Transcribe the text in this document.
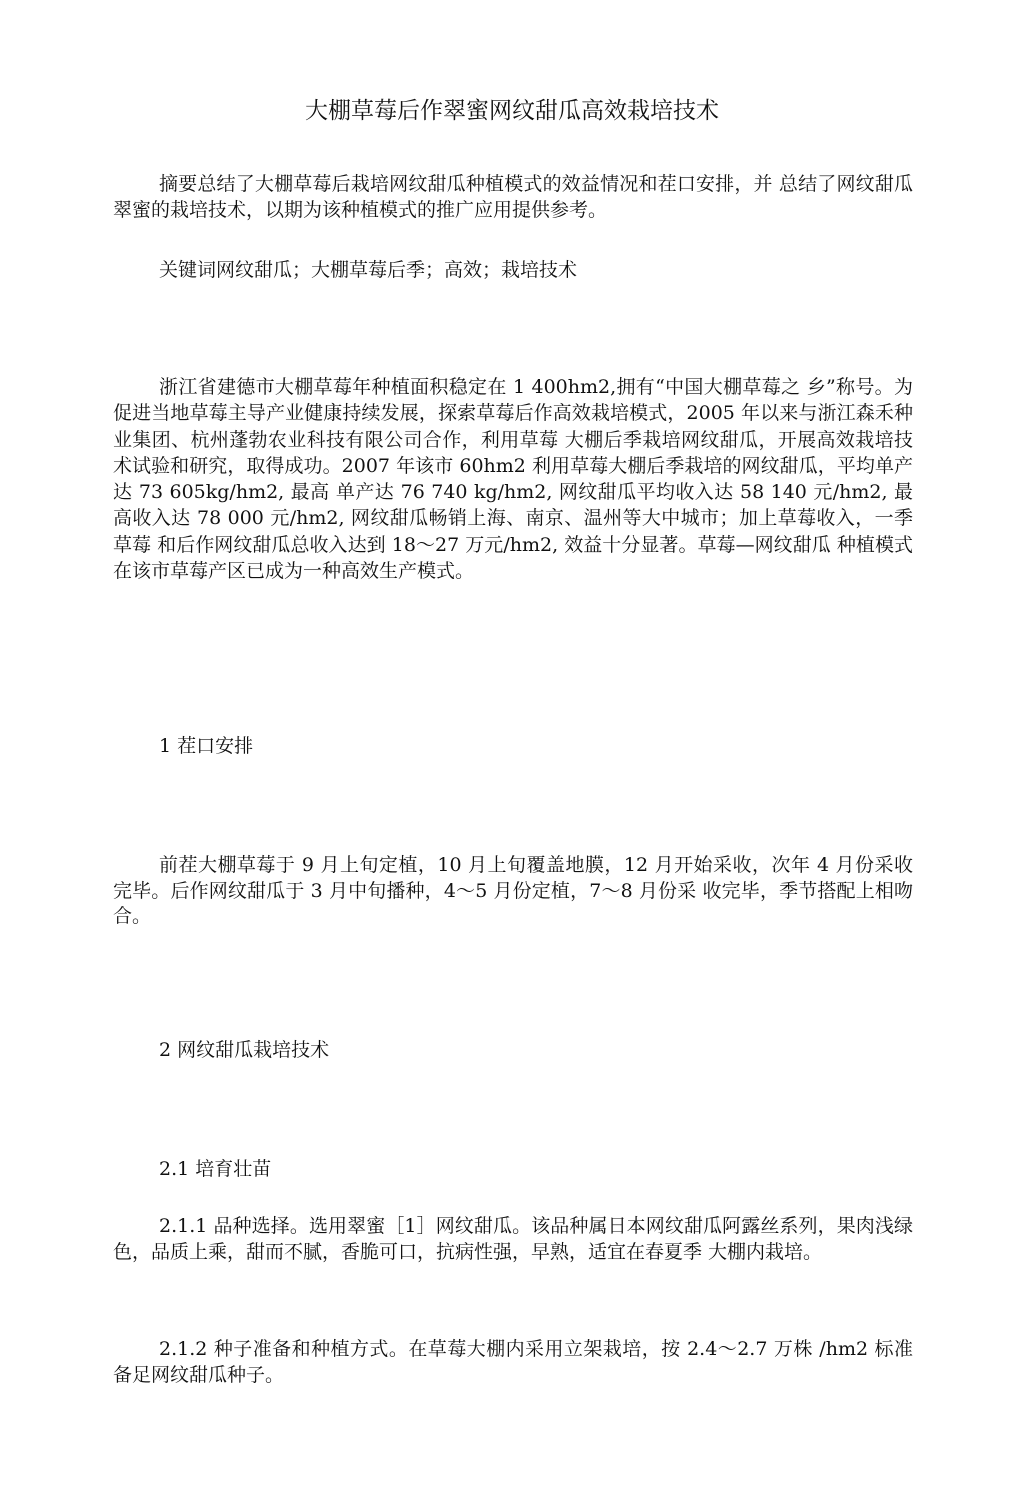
大棚草莓后作翠蜜网纹甜瓜高效栽培技术

摘要总结了大棚草莓后栽培网纹甜瓜种植模式的效益情况和茬口安排，并 总结了网纹甜瓜翠蜜的栽培技术，以期为该种植模式的推广应用提供参考。

关键词网纹甜瓜；大棚草莓后季；高效；栽培技术

浙江省建德市大棚草莓年种植面积稳定在 1 400hm2,拥有“中国大棚草莓之 乡”称号。为促进当地草莓主导产业健康持续发展，探索草莓后作高效栽培模式，2005 年以来与浙江森禾种业集团、杭州蓬勃农业科技有限公司合作，利用草莓 大棚后季栽培网纹甜瓜，开展高效栽培技术试验和研究，取得成功。2007 年该市 60hm2 利用草莓大棚后季栽培的网纹甜瓜，平均单产达 73 605kg/hm2, 最高 单产达 76 740 kg/hm2, 网纹甜瓜平均收入达 58 140 元/hm2, 最高收入达 78 000 元/hm2, 网纹甜瓜畅销上海、南京、温州等大中城市；加上草莓收入，一季草莓 和后作网纹甜瓜总收入达到 18～27 万元/hm2, 效益十分显著。草莓—网纹甜瓜 种植模式在该市草莓产区已成为一种高效生产模式。

1 茬口安排

前茬大棚草莓于 9 月上旬定植，10 月上旬覆盖地膜，12 月开始采收，次年 4 月份采收完毕。后作网纹甜瓜于 3 月中旬播种，4～5 月份定植，7～8 月份采 收完毕，季节搭配上相吻合。

2 网纹甜瓜栽培技术
2.1 培育壮苗

2.1.1 品种选择。选用翠蜜［1］网纹甜瓜。该品种属日本网纹甜瓜阿露丝系列，果肉浅绿色，品质上乘，甜而不腻，香脆可口，抗病性强，早熟，适宜在春夏季 大棚内栽培。

2.1.2 种子准备和种植方式。在草莓大棚内采用立架栽培，按 2.4～2.7 万株 /hm2 标准备足网纹甜瓜种子。
